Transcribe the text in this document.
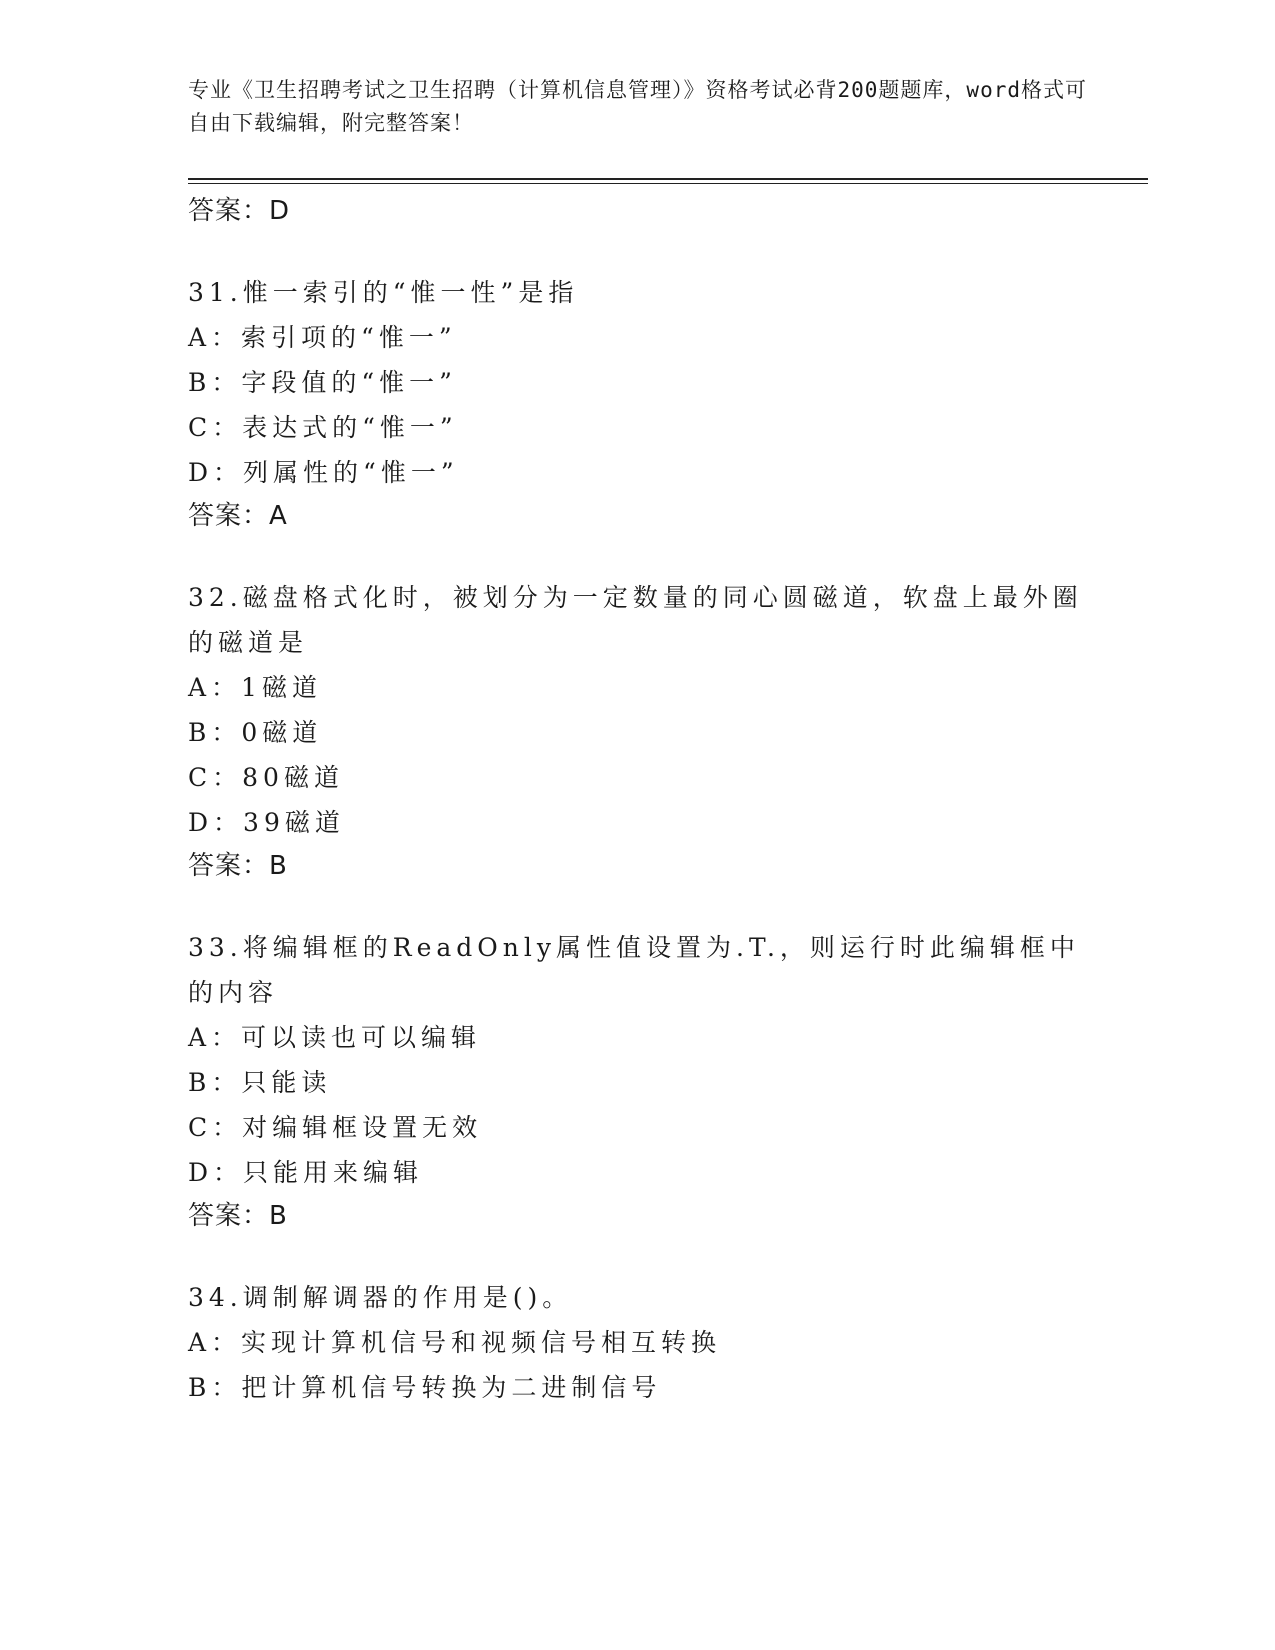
专业《卫生招聘考试之卫生招聘（计算机信息管理）》资格考试必背200题题库，word格式可自由下载编辑，附完整答案！

答案：D

31.惟一索引的“惟一性”是指

A：索引项的“惟一”

B：字段值的“惟一”

C：表达式的“惟一”

D：列属性的“惟一”

答案：A

32.磁盘格式化时，被划分为一定数量的同心圆磁道，软盘上最外圈的磁道是

A：1磁道

B：0磁道

C：80磁道

D：39磁道

答案：B

33.将编辑框的ReadOnly属性值设置为.T.，则运行时此编辑框中的内容

A：可以读也可以编辑

B：只能读

C：对编辑框设置无效

D：只能用来编辑

答案：B

34.调制解调器的作用是()。

A：实现计算机信号和视频信号相互转换

B：把计算机信号转换为二进制信号
